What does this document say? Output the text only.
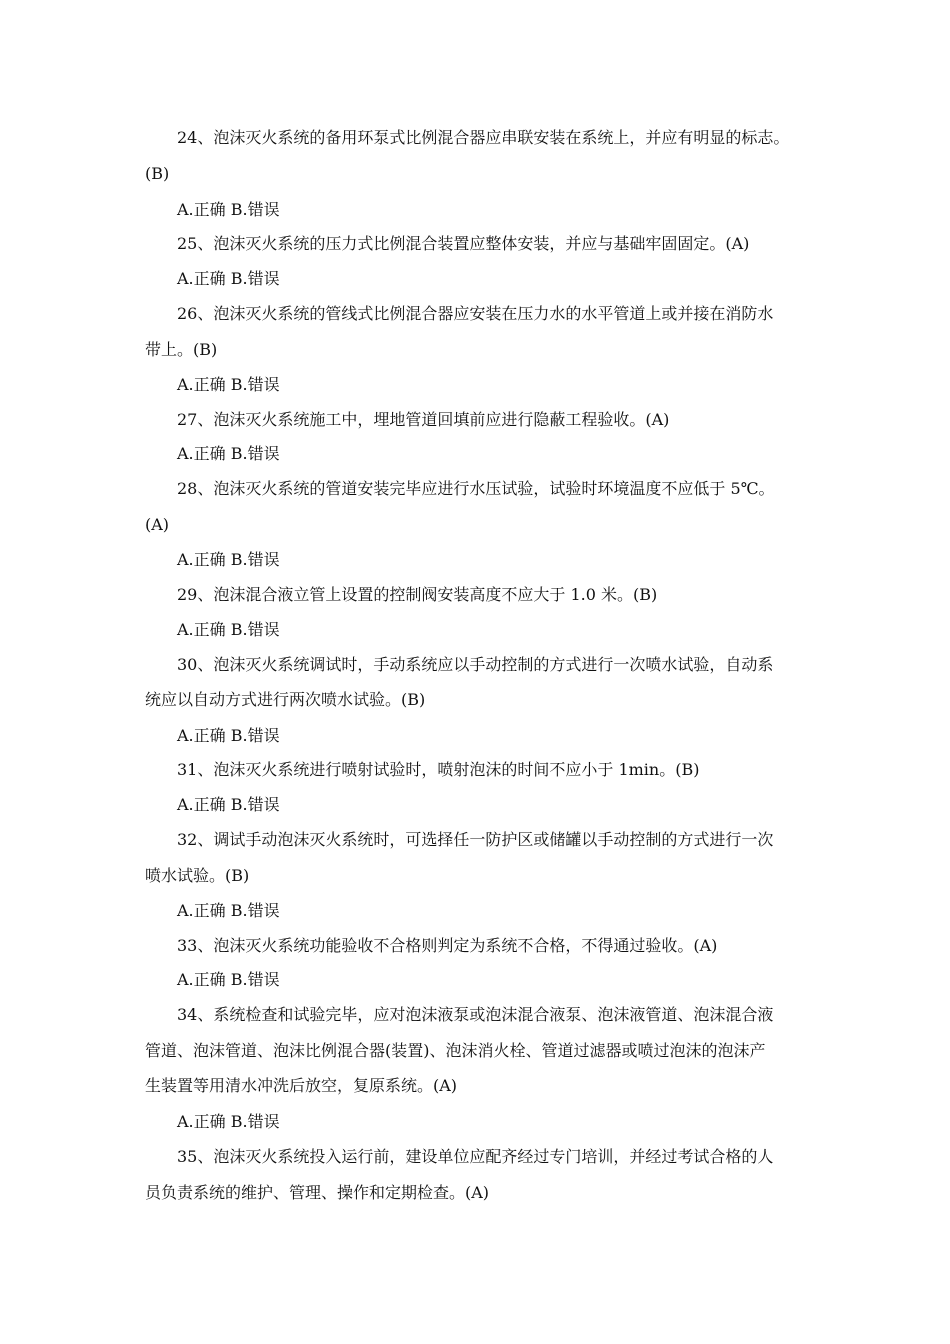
24、泡沫灭火系统的备用环泵式比例混合器应串联安装在系统上，并应有明显的标志。
(B)
A.正确 B.错误
25、泡沫灭火系统的压力式比例混合装置应整体安装，并应与基础牢固固定。(A)
A.正确 B.错误
26、泡沫灭火系统的管线式比例混合器应安装在压力水的水平管道上或并接在消防水
带上。(B)
A.正确 B.错误
27、泡沫灭火系统施工中，埋地管道回填前应进行隐蔽工程验收。(A)
A.正确 B.错误
28、泡沫灭火系统的管道安装完毕应进行水压试验，试验时环境温度不应低于 5℃。
(A)
A.正确 B.错误
29、泡沫混合液立管上设置的控制阀安装高度不应大于 1.0 米。(B)
A.正确 B.错误
30、泡沫灭火系统调试时，手动系统应以手动控制的方式进行一次喷水试验，自动系
统应以自动方式进行两次喷水试验。(B)
A.正确 B.错误
31、泡沫灭火系统进行喷射试验时，喷射泡沫的时间不应小于 1min。(B)
A.正确 B.错误
32、调试手动泡沫灭火系统时，可选择任一防护区或储罐以手动控制的方式进行一次
喷水试验。(B)
A.正确 B.错误
33、泡沫灭火系统功能验收不合格则判定为系统不合格，不得通过验收。(A)
A.正确 B.错误
34、系统检查和试验完毕，应对泡沫液泵或泡沫混合液泵、泡沫液管道、泡沫混合液
管道、泡沫管道、泡沫比例混合器(装置)、泡沫消火栓、管道过滤器或喷过泡沫的泡沫产
生装置等用清水冲洗后放空，复原系统。(A)
A.正确 B.错误
35、泡沫灭火系统投入运行前，建设单位应配齐经过专门培训，并经过考试合格的人
员负责系统的维护、管理、操作和定期检查。(A)
